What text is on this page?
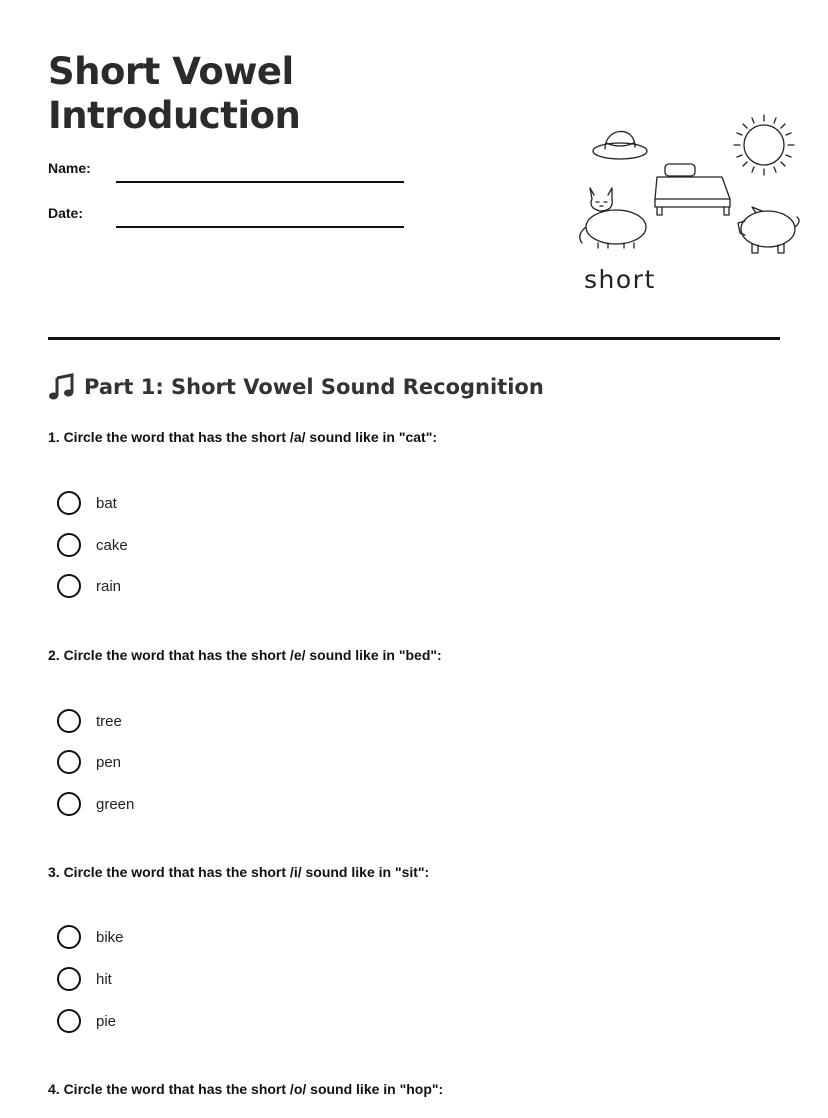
Short Vowel
Introduction
Name:
Date:
short
Part 1: Short Vowel Sound Recognition

1. Circle the word that has the short /a/ sound like in "cat":

bat
cake
rain

2. Circle the word that has the short /e/ sound like in "bed":

tree
pen
green

3. Circle the word that has the short /i/ sound like in "sit":

bike
hit
pie

4. Circle the word that has the short /o/ sound like in "hop":
